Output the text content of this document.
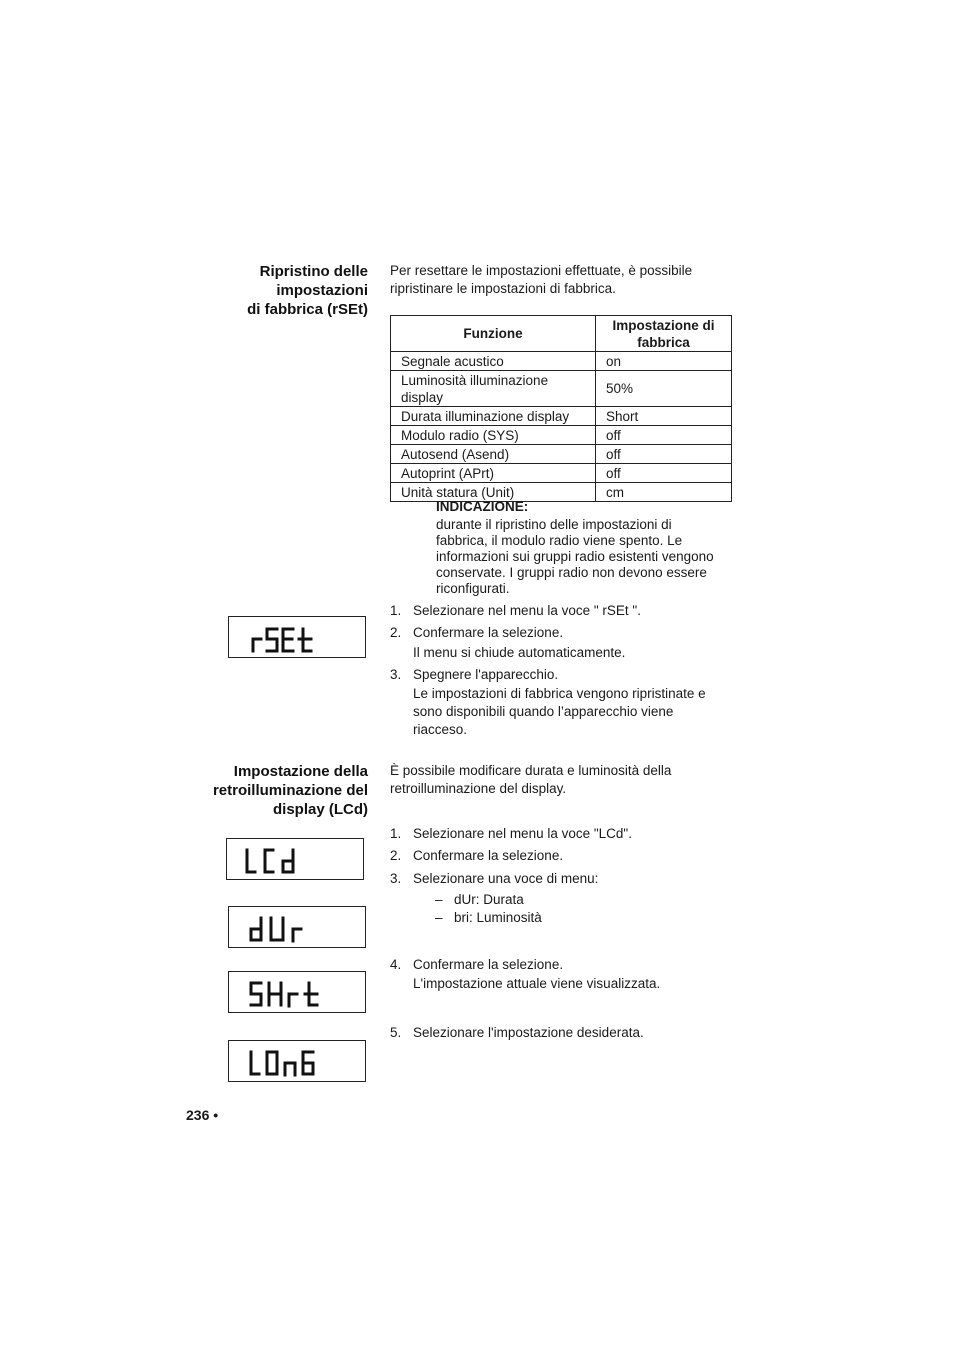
Ripristino delle
impostazioni
di fabbrica (rSEt)
Per resettare le impostazioni effettuate, è possibile
ripristinare le impostazioni di fabbrica.
Funzione	Impostazione di fabbrica
Segnale acustico	on
Luminosità illuminazione display	50%
Durata illuminazione display	Short
Modulo radio (SYS)	off
Autosend (Asend)	off
Autoprint (APrt)	off
Unità statura (Unit)	cm
INDICAZIONE:
durante il ripristino delle impostazioni di
fabbrica, il modulo radio viene spento. Le
informazioni sui gruppi radio esistenti vengono
conservate. I gruppi radio non devono essere
riconfigurati.
1. Selezionare nel menu la voce " rSEt ".
2. Confermare la selezione.
Il menu si chiude automaticamente.
3. Spegnere l'apparecchio.
Le impostazioni di fabbrica vengono ripristinate e
sono disponibili quando l’apparecchio viene
riacceso.
Impostazione della
retroilluminazione del
display (LCd)
È possibile modificare durata e luminosità della
retroilluminazione del display.
1. Selezionare nel menu la voce "LCd".
2. Confermare la selezione.
3. Selezionare una voce di menu:
– dUr: Durata
– bri: Luminosità
4. Confermare la selezione.
L'impostazione attuale viene visualizzata.
5. Selezionare l'impostazione desiderata.
236 •
